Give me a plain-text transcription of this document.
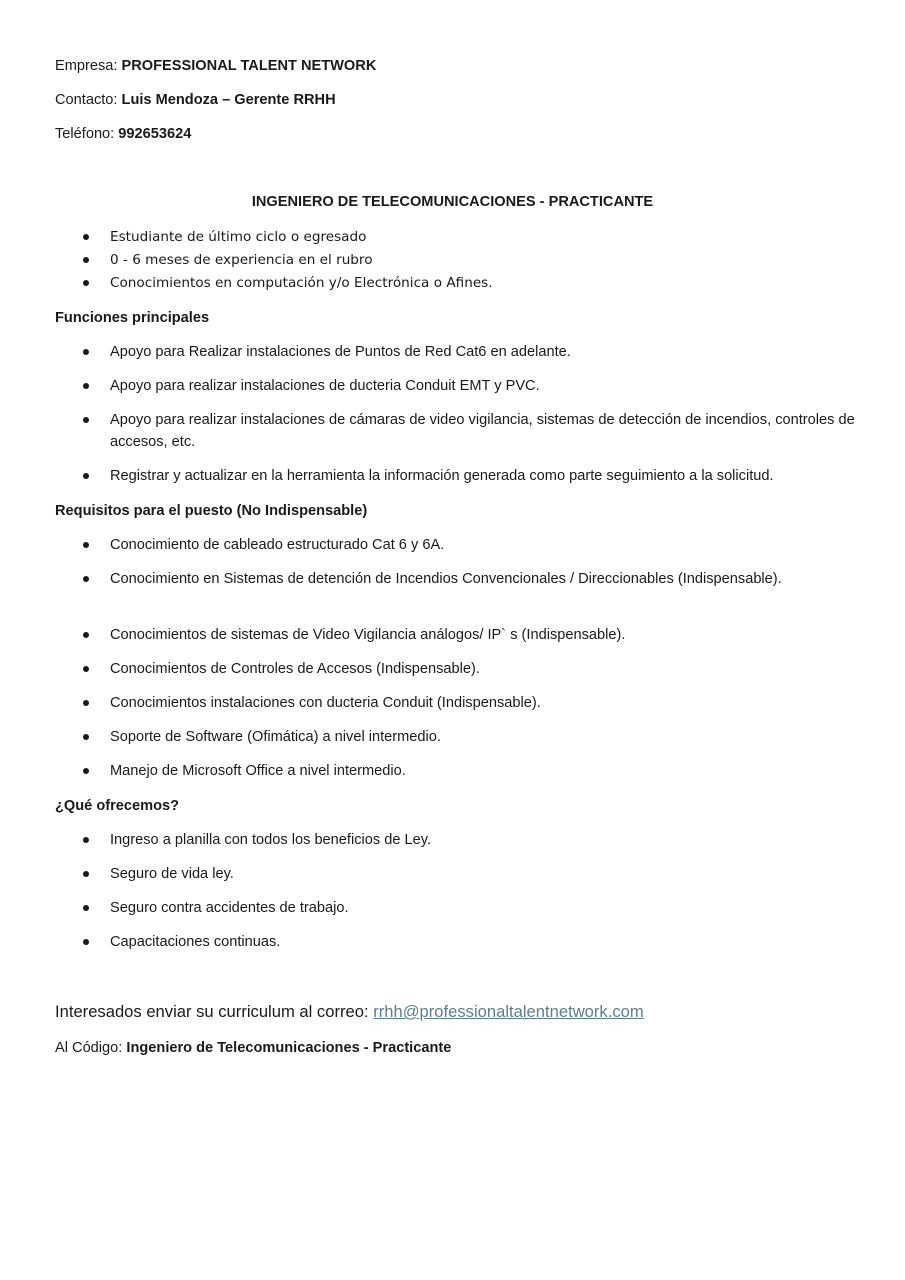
Empresa: PROFESSIONAL TALENT NETWORK
Contacto: Luis Mendoza – Gerente RRHH
Teléfono: 992653624
INGENIERO DE TELECOMUNICACIONES - PRACTICANTE
Estudiante de último ciclo o egresado
0 - 6 meses de experiencia en el rubro
Conocimientos en computación y/o Electrónica o Afines.
Funciones principales
Apoyo para Realizar instalaciones de Puntos de Red Cat6 en adelante.
Apoyo para realizar instalaciones de ducteria Conduit EMT y PVC.
Apoyo para realizar instalaciones de cámaras de video vigilancia, sistemas de detección de incendios, controles de accesos, etc.
Registrar y actualizar en la herramienta la información generada como parte seguimiento a la solicitud.
Requisitos para el puesto (No Indispensable)
Conocimiento de cableado estructurado Cat 6 y 6A.
Conocimiento en Sistemas de detención de Incendios Convencionales / Direccionables (Indispensable).
Conocimientos de sistemas de Video Vigilancia análogos/ IP` s (Indispensable).
Conocimientos de Controles de Accesos (Indispensable).
Conocimientos instalaciones con ducteria Conduit (Indispensable).
Soporte de Software (Ofimática) a nivel intermedio.
Manejo de Microsoft Office a nivel intermedio.
¿Qué ofrecemos?
Ingreso a planilla con todos los beneficios de Ley.
Seguro de vida ley.
Seguro contra accidentes de trabajo.
Capacitaciones continuas.
Interesados enviar su curriculum al correo: rrhh@professionaltalentnetwork.com
Al Código: Ingeniero de Telecomunicaciones - Practicante
